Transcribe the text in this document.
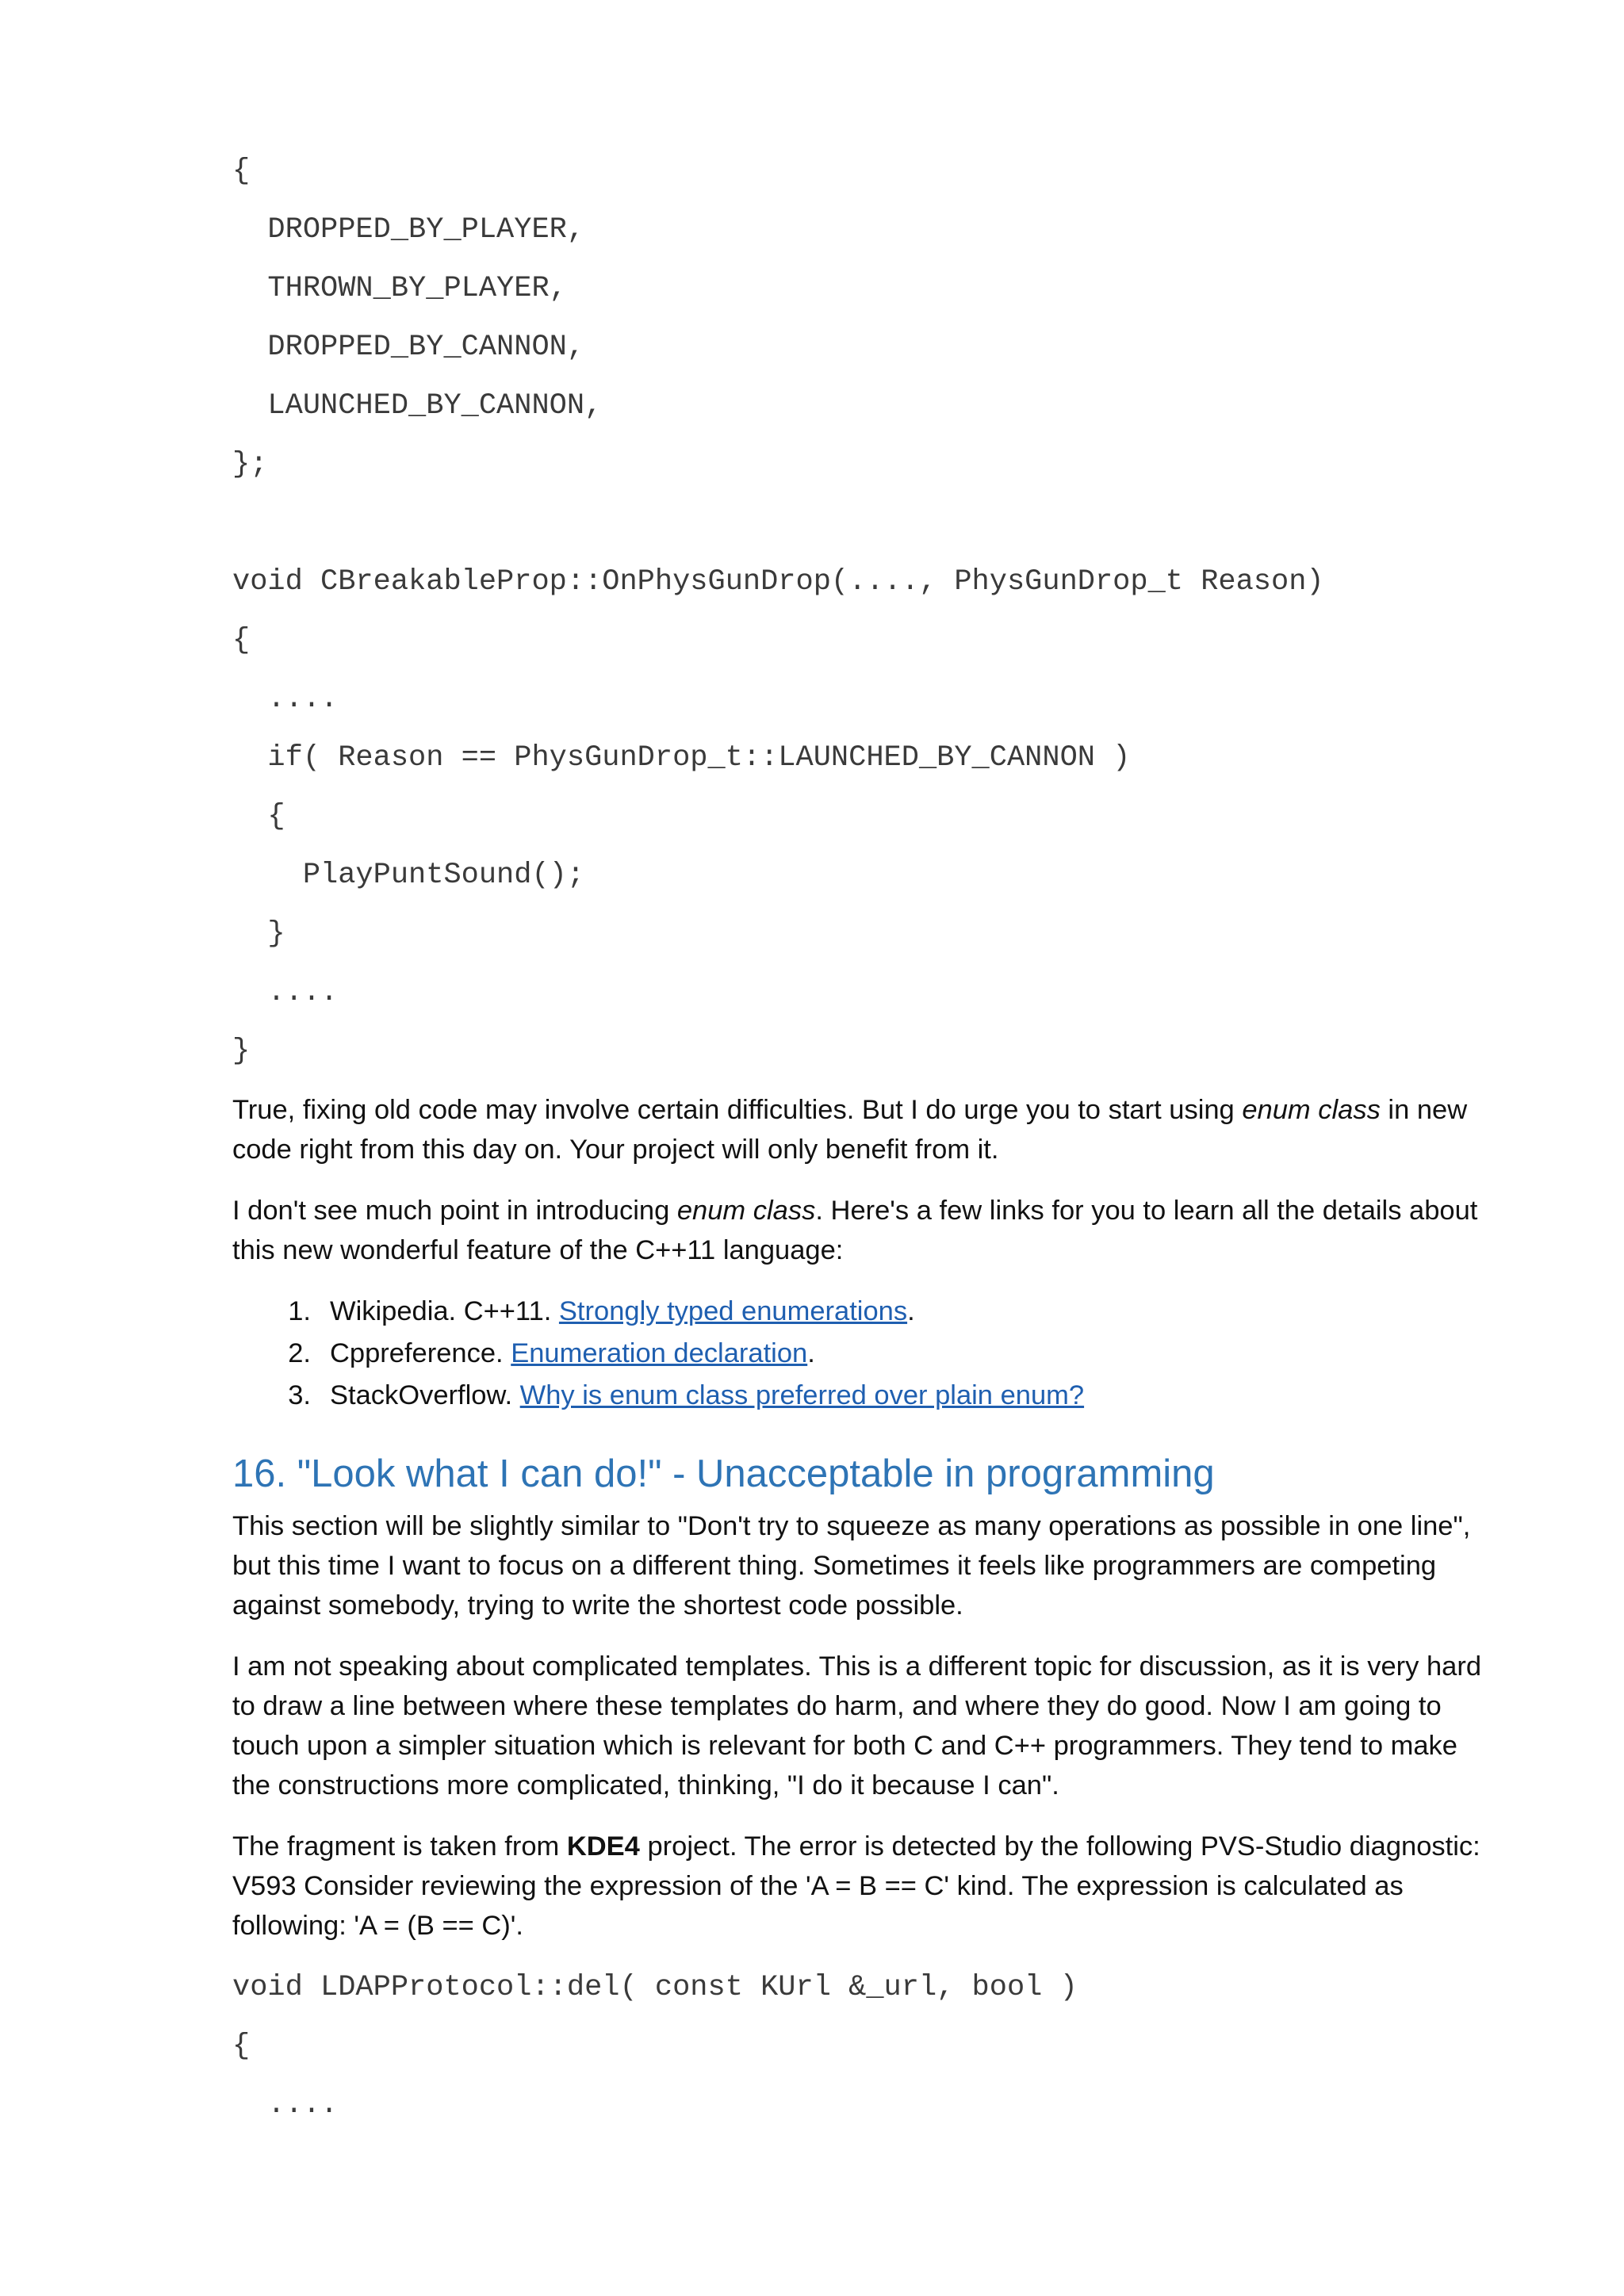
{
DROPPED_BY_PLAYER,
THROWN_BY_PLAYER,
DROPPED_BY_CANNON,
LAUNCHED_BY_CANNON,
};
void CBreakableProp::OnPhysGunDrop(...., PhysGunDrop_t Reason)
{
....
if( Reason == PhysGunDrop_t::LAUNCHED_BY_CANNON )
{
PlayPuntSound();
}
....
}

True, fixing old code may involve certain difficulties. But I do urge you to start using enum class in new code right from this day on. Your project will only benefit from it.

I don't see much point in introducing enum class. Here's a few links for you to learn all the details about this new wonderful feature of the C++11 language:

1. Wikipedia. C++11. Strongly typed enumerations.
2. Cppreference. Enumeration declaration.
3. StackOverflow. Why is enum class preferred over plain enum?
16. "Look what I can do!" - Unacceptable in programming

This section will be slightly similar to "Don't try to squeeze as many operations as possible in one line", but this time I want to focus on a different thing. Sometimes it feels like programmers are competing against somebody, trying to write the shortest code possible.

I am not speaking about complicated templates. This is a different topic for discussion, as it is very hard to draw a line between where these templates do harm, and where they do good. Now I am going to touch upon a simpler situation which is relevant for both C and C++ programmers. They tend to make the constructions more complicated, thinking, "I do it because I can".

The fragment is taken from KDE4 project. The error is detected by the following PVS-Studio diagnostic: V593 Consider reviewing the expression of the 'A = B == C' kind. The expression is calculated as following: 'A = (B == C)'.

void LDAPProtocol::del( const KUrl &_url, bool )
{
....
